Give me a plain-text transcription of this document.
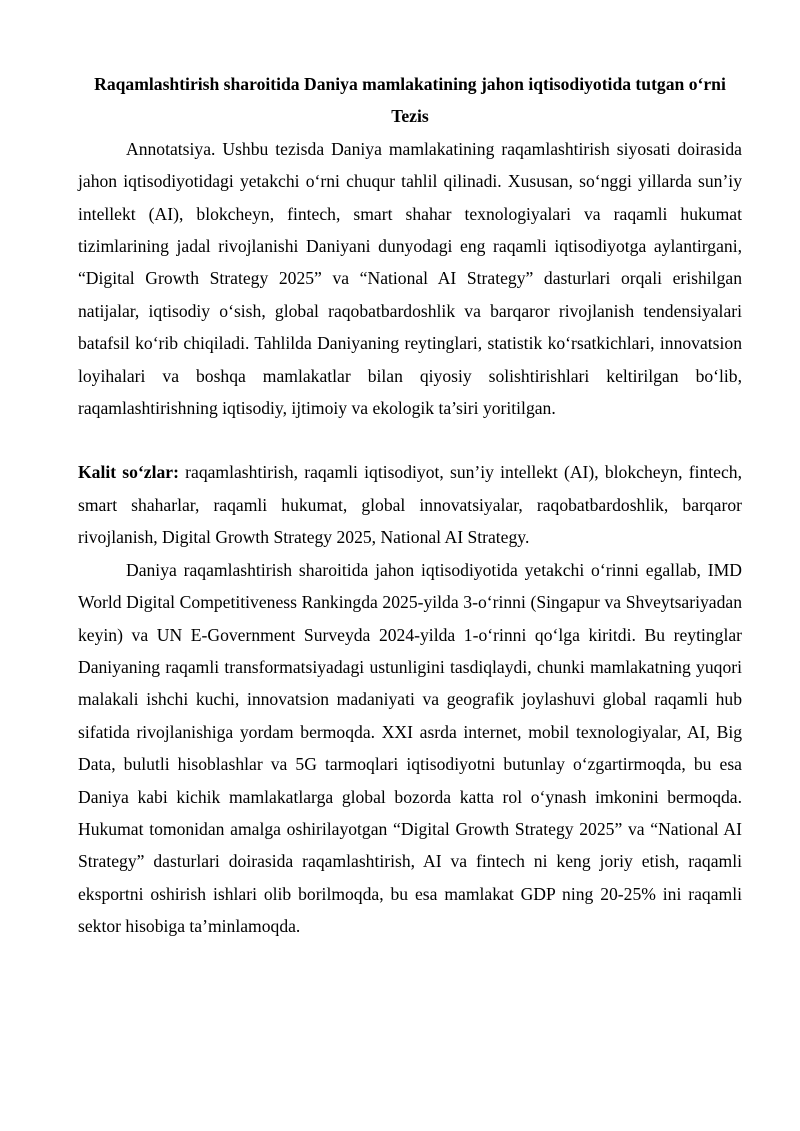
Raqamlashtirish sharoitida Daniya mamlakatining jahon iqtisodiyotida tutgan o‘rni
Tezis

Annotatsiya. Ushbu tezisda Daniya mamlakatining raqamlashtirish siyosati doirasida jahon iqtisodiyotidagi yetakchi o‘rni chuqur tahlil qilinadi. Xususan, so‘nggi yillarda sun’iy intellekt (AI), blokcheyn, fintech, smart shahar texnologiyalari va raqamli hukumat tizimlarining jadal rivojlanishi Daniyani dunyodagi eng raqamli iqtisodiyotga aylantirgani, “Digital Growth Strategy 2025” va “National AI Strategy” dasturlari orqali erishilgan natijalar, iqtisodiy o‘sish, global raqobatbardoshlik va barqaror rivojlanish tendensiyalari batafsil ko‘rib chiqiladi. Tahlilda Daniyaning reytinglari, statistik ko‘rsatkichlari, innovatsion loyihalari va boshqa mamlakatlar bilan qiyosiy solishtirishlari keltirilgan bo‘lib, raqamlashtirishning iqtisodiy, ijtimoiy va ekologik ta’siri yoritilgan.

Kalit so‘zlar: raqamlashtirish, raqamli iqtisodiyot, sun’iy intellekt (AI), blokcheyn, fintech, smart shaharlar, raqamli hukumat, global innovatsiyalar, raqobatbardoshlik, barqaror rivojlanish, Digital Growth Strategy 2025, National AI Strategy.

Daniya raqamlashtirish sharoitida jahon iqtisodiyotida yetakchi o‘rinni egallab, IMD World Digital Competitiveness Rankingda 2025-yilda 3-o‘rinni (Singapur va Shveytsariyadan keyin) va UN E-Government Surveyda 2024-yilda 1-o‘rinni qo‘lga kiritdi. Bu reytinglar Daniyaning raqamli transformatsiyadagi ustunligini tasdiqlaydi, chunki mamlakatning yuqori malakali ishchi kuchi, innovatsion madaniyati va geografik joylashuvi global raqamli hub sifatida rivojlanishiga yordam bermoqda. XXI asrda internet, mobil texnologiyalar, AI, Big Data, bulutli hisoblashlar va 5G tarmoqlari iqtisodiyotni butunlay o‘zgartirmoqda, bu esa Daniya kabi kichik mamlakatlarga global bozorda katta rol o‘ynash imkonini bermoqda. Hukumat tomonidan amalga oshirilayotgan “Digital Growth Strategy 2025” va “National AI Strategy” dasturlari doirasida raqamlashtirish, AI va fintech ni keng joriy etish, raqamli eksportni oshirish ishlari olib borilmoqda, bu esa mamlakat GDP ning 20-25% ini raqamli sektor hisobiga ta’minlamoqda.
